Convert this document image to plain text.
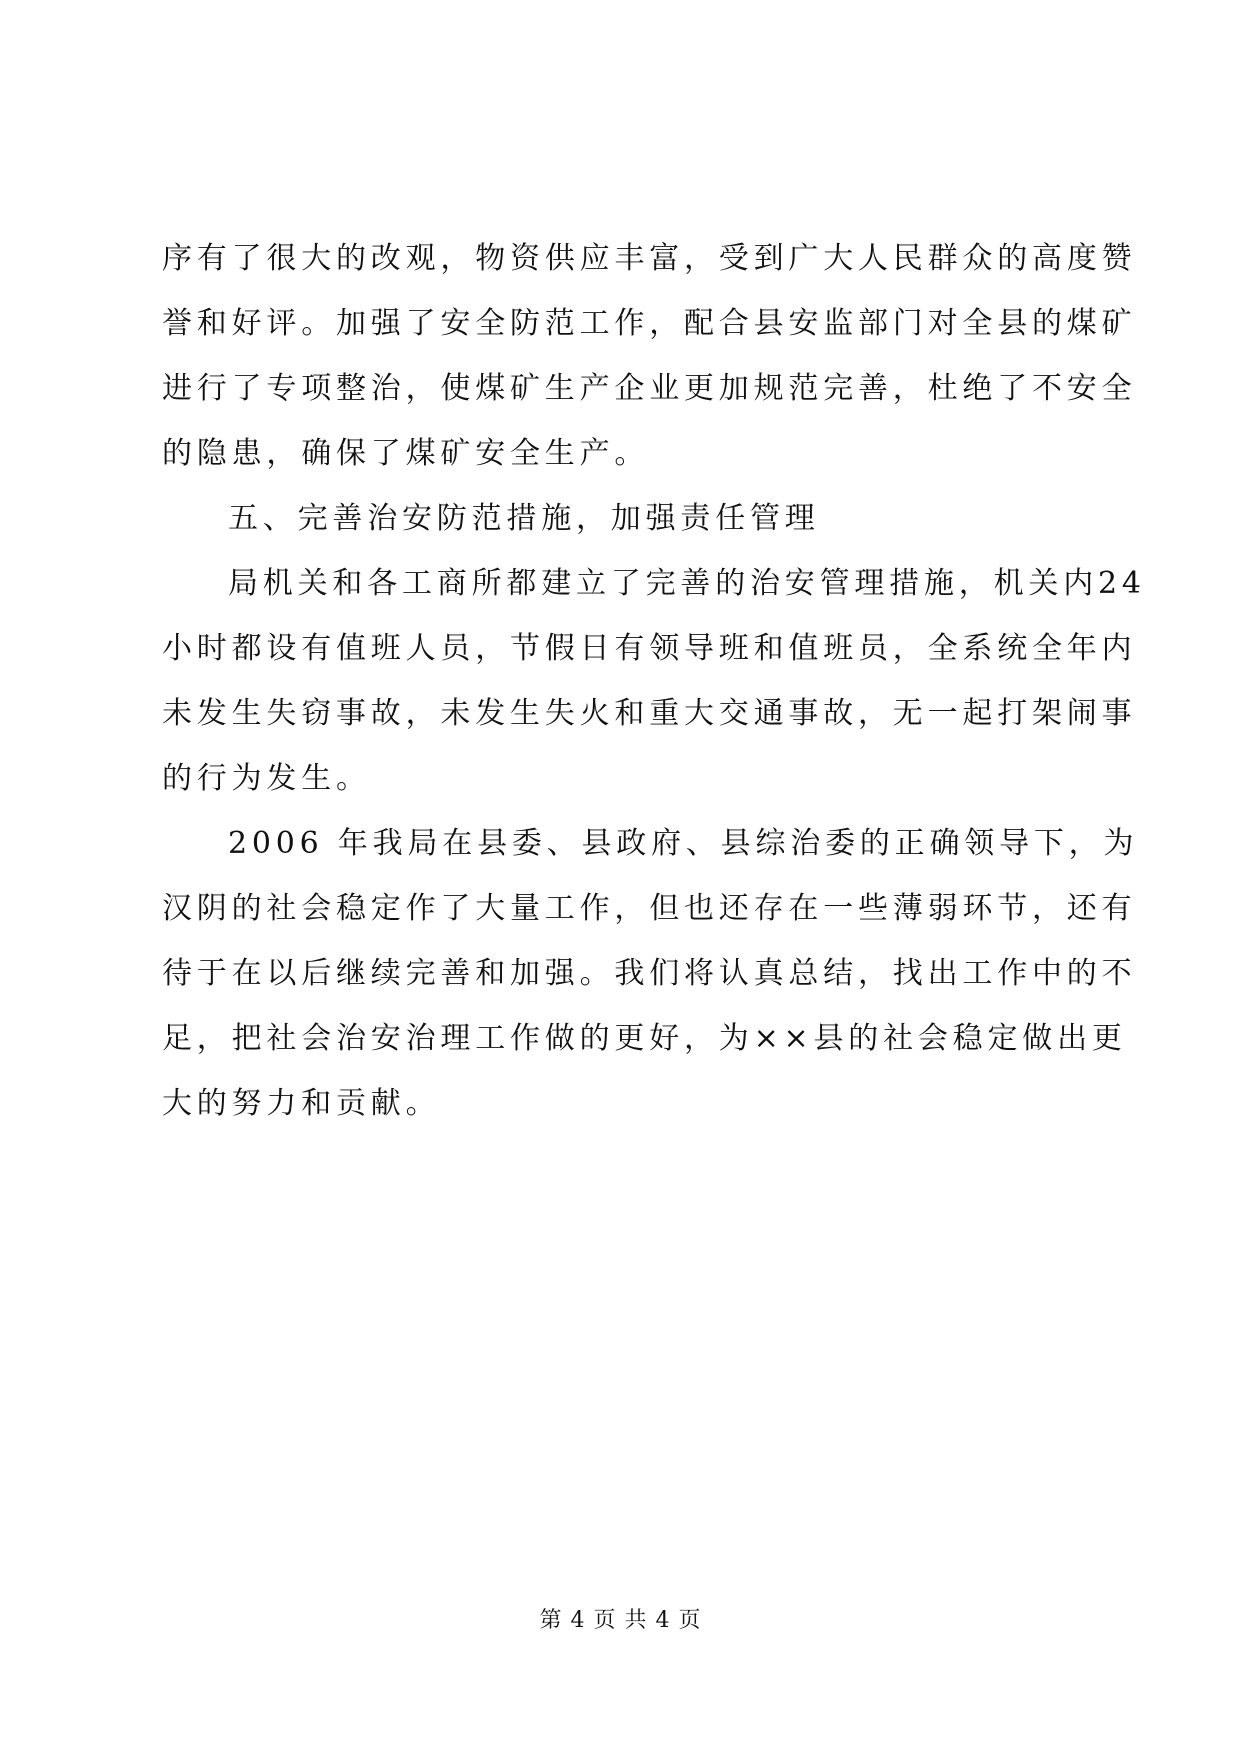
序有了很大的改观，物资供应丰富，受到广大人民群众的高度赞
誉和好评。加强了安全防范工作，配合县安监部门对全县的煤矿
进行了专项整治，使煤矿生产企业更加规范完善，杜绝了不安全
的隐患，确保了煤矿安全生产。
五、完善治安防范措施，加强责任管理
局机关和各工商所都建立了完善的治安管理措施，机关内24
小时都设有值班人员，节假日有领导班和值班员，全系统全年内
未发生失窃事故，未发生失火和重大交通事故，无一起打架闹事
的行为发生。
2006 年我局在县委、县政府、县综治委的正确领导下，为
汉阴的社会稳定作了大量工作，但也还存在一些薄弱环节，还有
待于在以后继续完善和加强。我们将认真总结，找出工作中的不
足，把社会治安治理工作做的更好，为××县的社会稳定做出更
大的努力和贡献。
第 4 页 共 4 页
